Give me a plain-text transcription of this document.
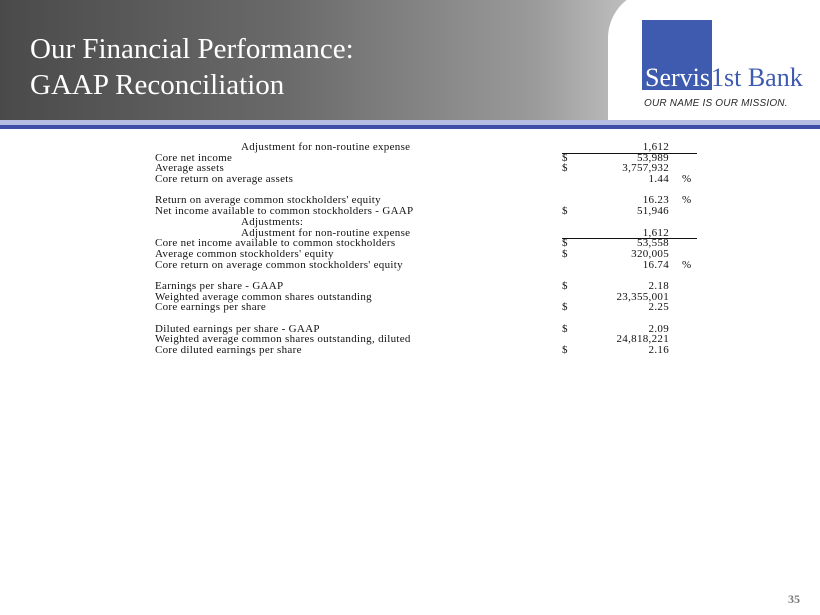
Our Financial Performance:
GAAP Reconciliation	Servis 1st Bank
OUR NAME IS OUR MISSION.
Adjustment for non-routine expense	1,612
Core net income	$	53,989
Average assets	$	3,757,932
Core return on average assets	1.44 %
Return on average common stockholders' equity	16.23 %
Net income available to common stockholders - GAAP	$	51,946
Adjustments:
Adjustment for non-routine expense	1,612
Core net income available to common stockholders	$	53,558
Average common stockholders' equity	$	320,005
Core return on average common stockholders' equity	16.74 %
Earnings per share - GAAP	$	2.18
Weighted average common shares outstanding	23,355,001
Core earnings per share	$	2.25
Diluted earnings per share - GAAP	$	2.09
Weighted average common shares outstanding, diluted	24,818,221
Core diluted earnings per share	$	2.16
35
